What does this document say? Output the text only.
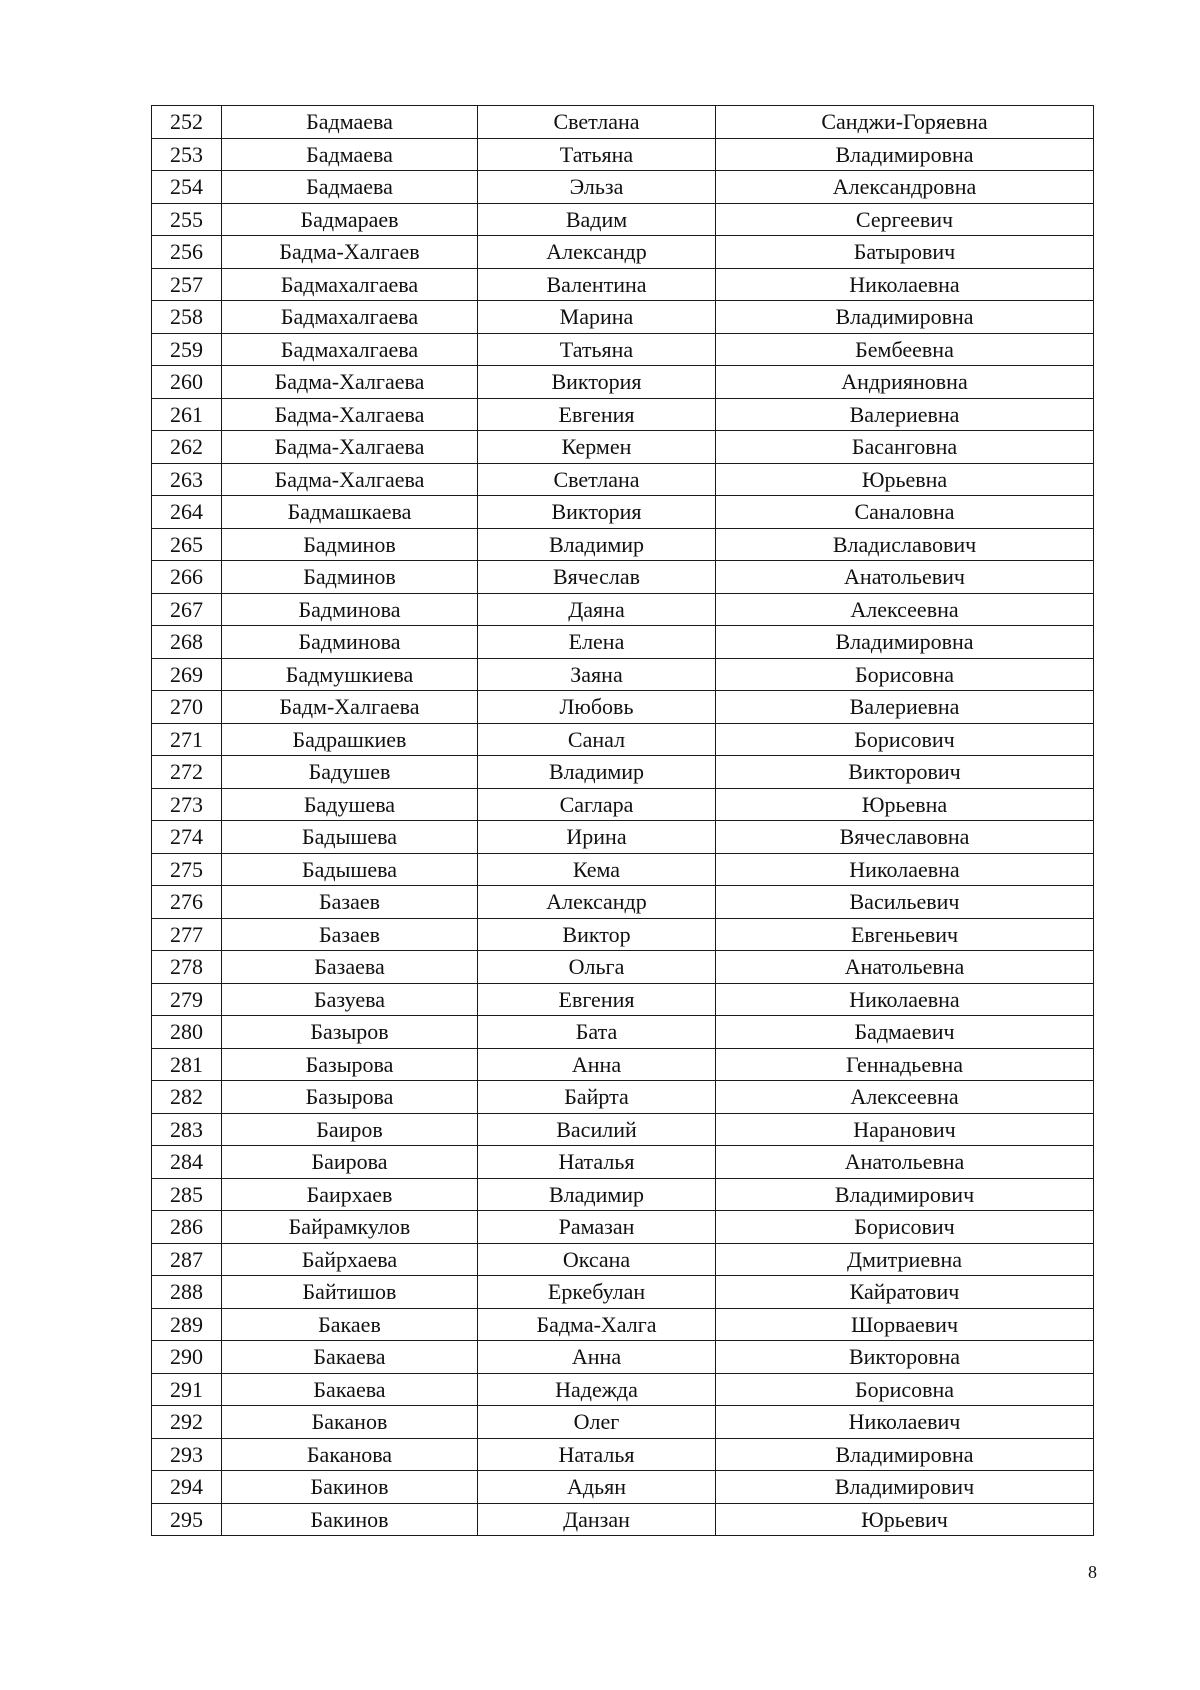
252	Бадмаева	Светлана	Санджи-Горяевна
253	Бадмаева	Татьяна	Владимировна
254	Бадмаева	Эльза	Александровна
255	Бадмараев	Вадим	Сергеевич
256	Бадма-Халгаев	Александр	Батырович
257	Бадмахалгаева	Валентина	Николаевна
258	Бадмахалгаева	Марина	Владимировна
259	Бадмахалгаева	Татьяна	Бембеевна
260	Бадма-Халгаева	Виктория	Андрияновна
261	Бадма-Халгаева	Евгения	Валериевна
262	Бадма-Халгаева	Кермен	Басанговна
263	Бадма-Халгаева	Светлана	Юрьевна
264	Бадмашкаева	Виктория	Саналовна
265	Бадминов	Владимир	Владиславович
266	Бадминов	Вячеслав	Анатольевич
267	Бадминова	Даяна	Алексеевна
268	Бадминова	Елена	Владимировна
269	Бадмушкиева	Заяна	Борисовна
270	Бадм-Халгаева	Любовь	Валериевна
271	Бадрашкиев	Санал	Борисович
272	Бадушев	Владимир	Викторович
273	Бадушева	Саглара	Юрьевна
274	Бадышева	Ирина	Вячеславовна
275	Бадышева	Кема	Николаевна
276	Базаев	Александр	Васильевич
277	Базаев	Виктор	Евгеньевич
278	Базаева	Ольга	Анатольевна
279	Базуева	Евгения	Николаевна
280	Базыров	Бата	Бадмаевич
281	Базырова	Анна	Геннадьевна
282	Базырова	Байрта	Алексеевна
283	Баиров	Василий	Наранович
284	Баирова	Наталья	Анатольевна
285	Баирхаев	Владимир	Владимирович
286	Байрамкулов	Рамазан	Борисович
287	Байрхаева	Оксана	Дмитриевна
288	Байтишов	Еркебулан	Кайратович
289	Бакаев	Бадма-Халга	Шорваевич
290	Бакаева	Анна	Викторовна
291	Бакаева	Надежда	Борисовна
292	Баканов	Олег	Николаевич
293	Баканова	Наталья	Владимировна
294	Бакинов	Адьян	Владимирович
295	Бакинов	Данзан	Юрьевич
8
